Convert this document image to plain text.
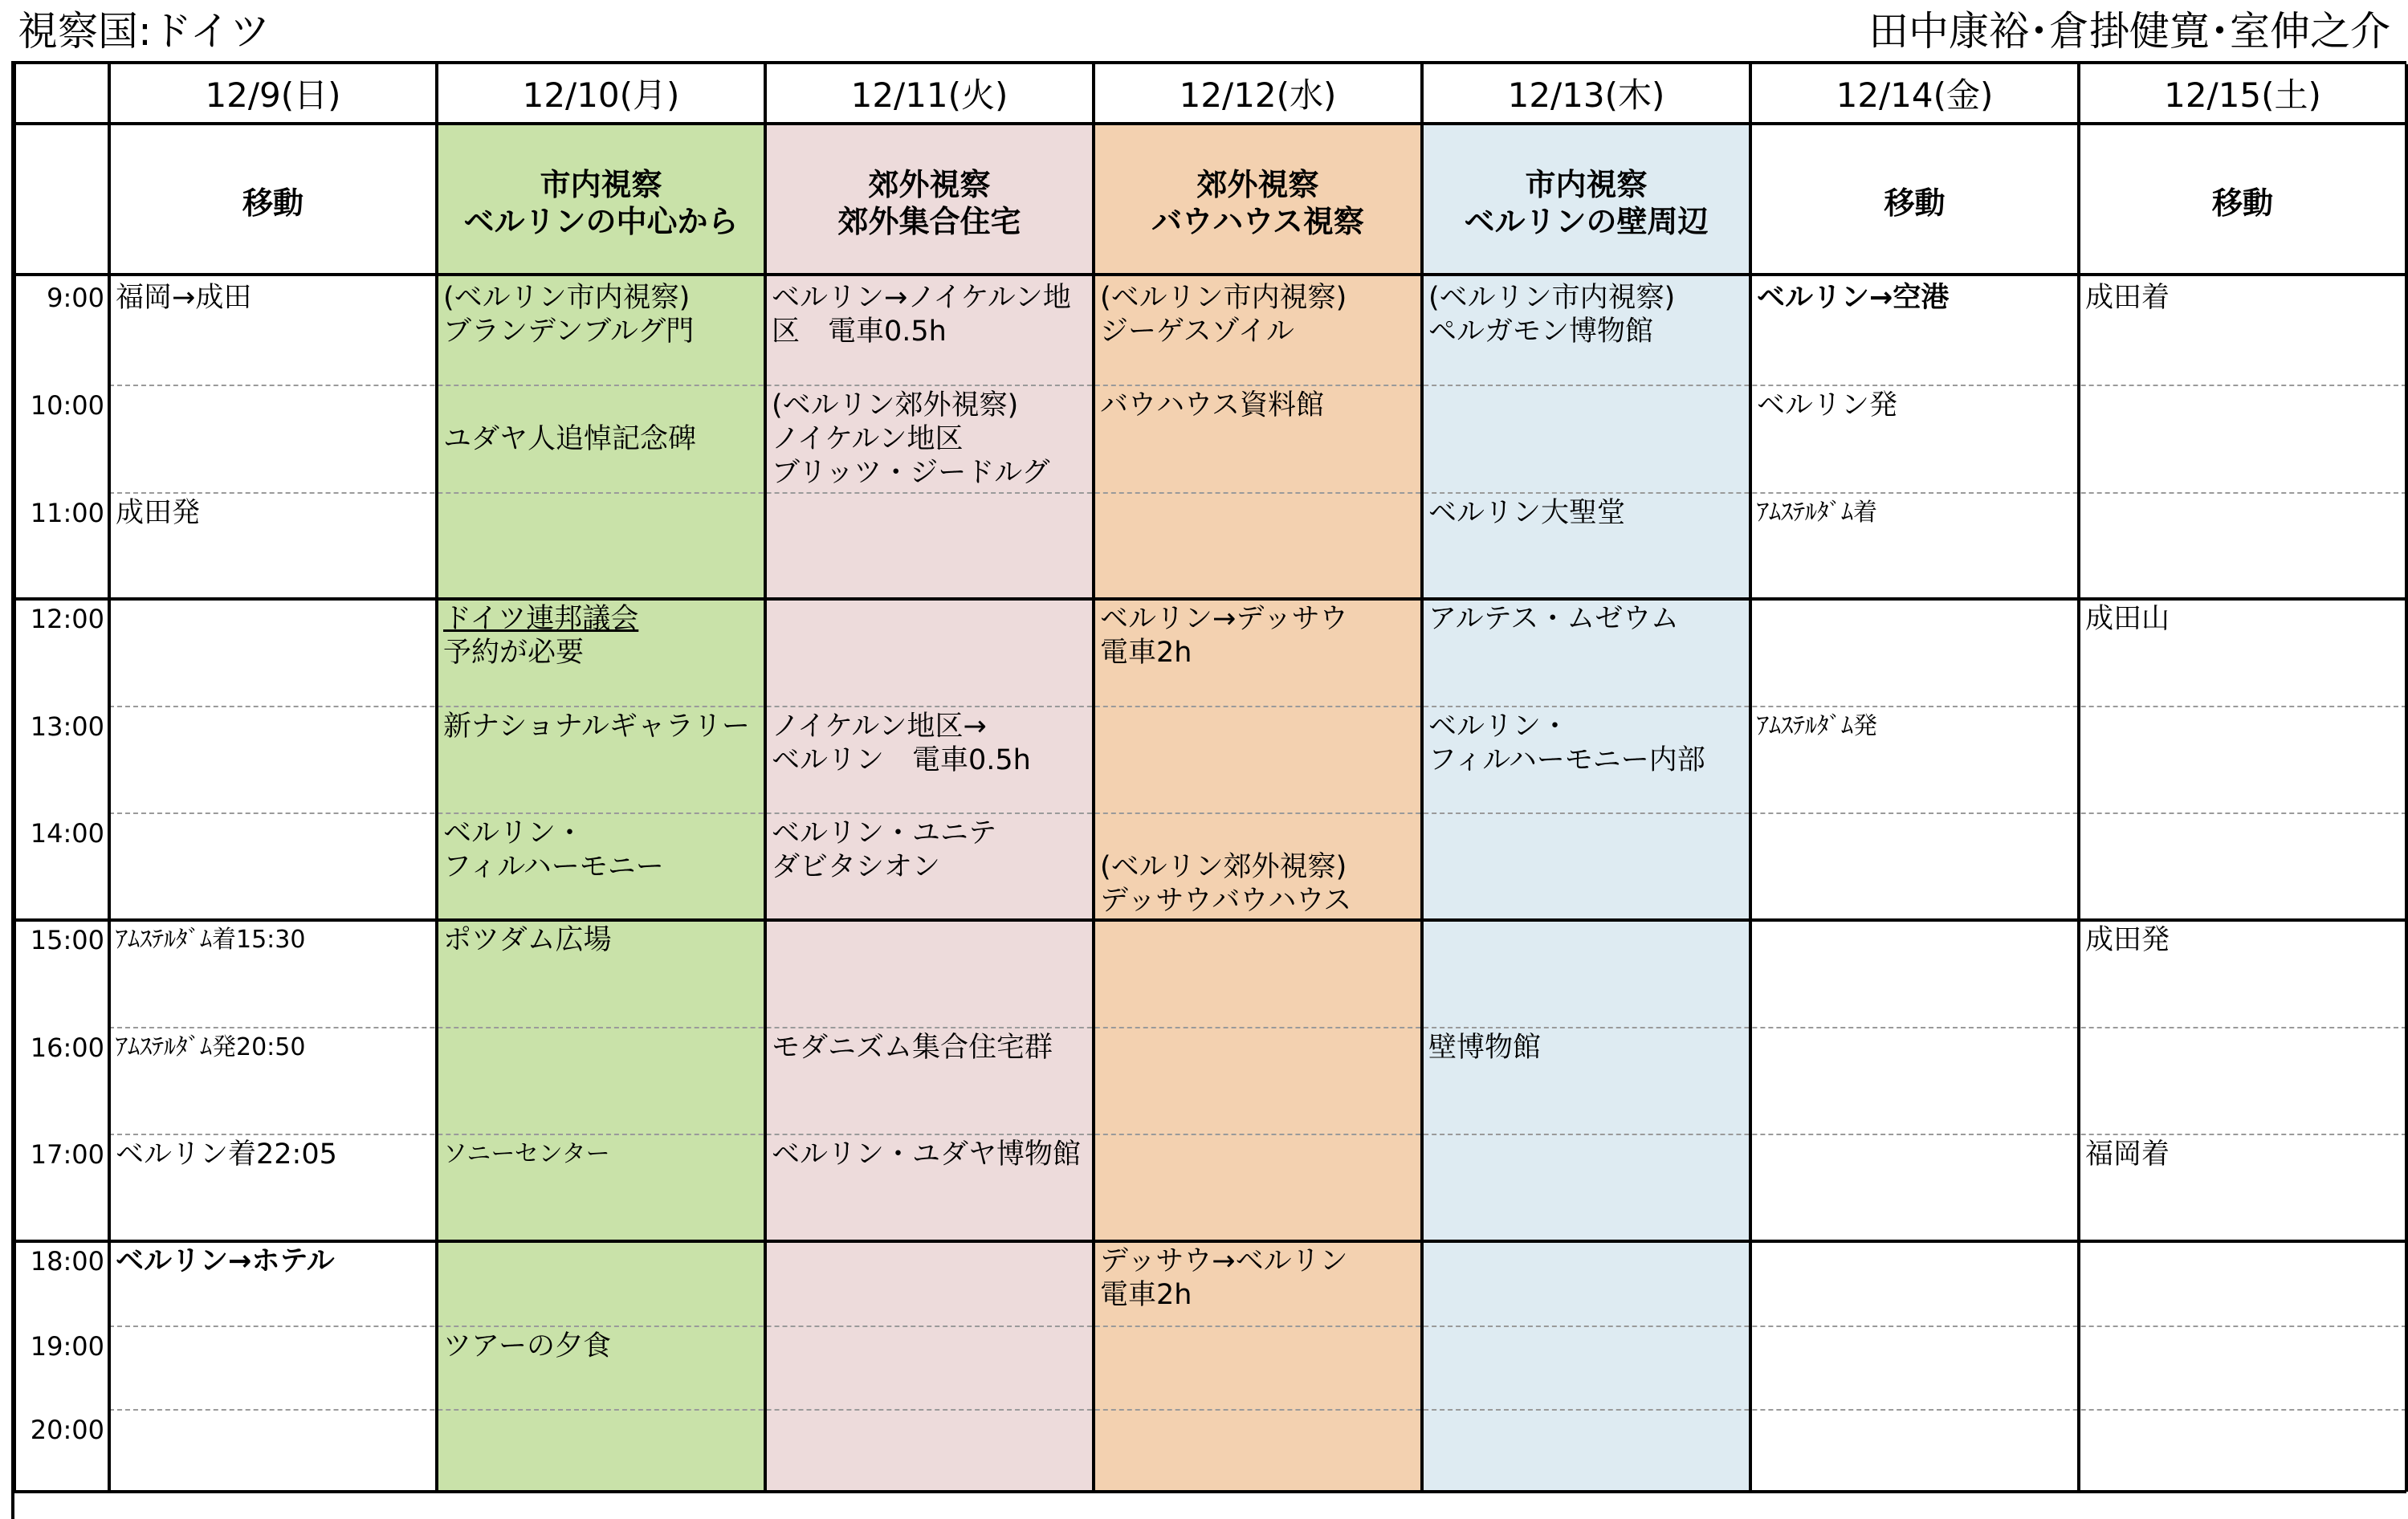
視察国:ドイツ	田中康裕･倉掛健寛･室伸之介
12/9(日)
移動
12/10(月)
市内視察
ベルリンの中心から
12/11(火)
郊外視察
郊外集合住宅
12/12(水)
郊外視察
バウハウス視察
12/13(木)
市内視察
ベルリンの壁周辺
12/14(金)
移動
12/15(土)
移動
9:00
10:00
11:00
12:00
13:00
14:00
15:00
16:00
17:00
18:00
19:00
20:00
福岡→成田
成田発
ｱﾑｽﾃﾙﾀﾞﾑ着15:30
ｱﾑｽﾃﾙﾀﾞﾑ発20:50
ベルリン着22:05
ベルリン→ホテル
(ベルリン市内視察)
ブランデンブルグ門
ユダヤ人追悼記念碑
ドイツ連邦議会
予約が必要
新ナショナルギャラリー
ベルリン・
フィルハーモニー
ポツダム広場
ソニーセンター
ツアーの夕食
ベルリン→ノイケルン地
区　電車0.5h
(ベルリン郊外視察)
ノイケルン地区
ブリッツ・ジードルグ
ノイケルン地区→
ベルリン　電車0.5h
ベルリン・ユニテ
ダビタシオン
モダニズム集合住宅群
ベルリン・ユダヤ博物館
(ベルリン市内視察)
ジーゲスゾイル
バウハウス資料館
ベルリン→デッサウ
電車2h
(ベルリン郊外視察)
デッサウバウハウス
デッサウ→ベルリン
電車2h
(ベルリン市内視察)
ペルガモン博物館
ベルリン大聖堂
アルテス・ムゼウム
ベルリン・
フィルハーモニー内部
壁博物館
ベルリン→空港
ベルリン発
ｱﾑｽﾃﾙﾀﾞﾑ着
ｱﾑｽﾃﾙﾀﾞﾑ発
成田着
成田山
成田発
福岡着
